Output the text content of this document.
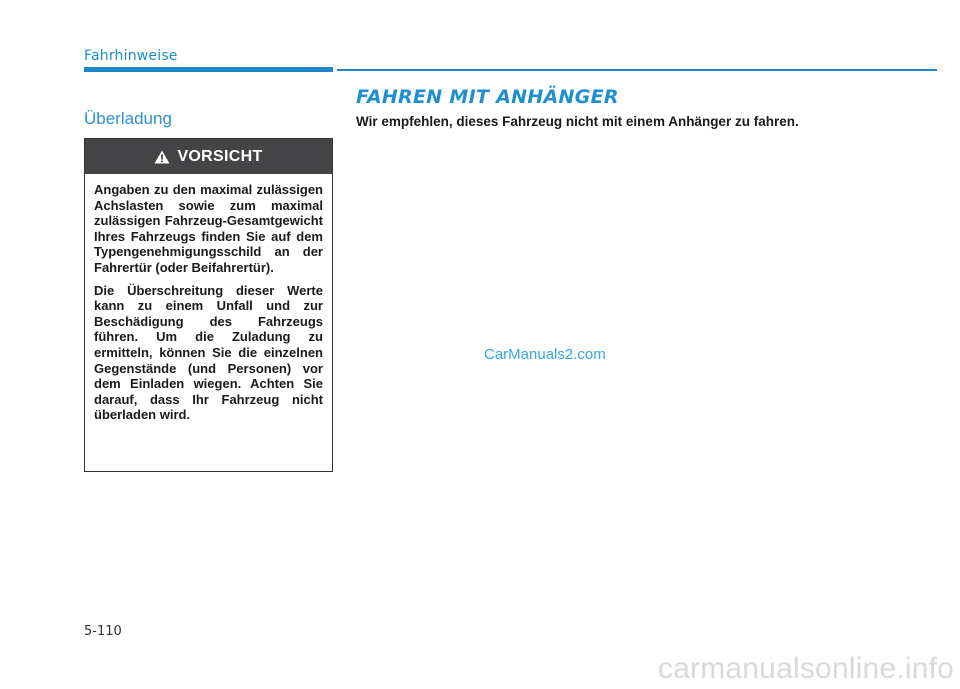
Fahrhinweise
Überladung
VORSICHT

Angaben zu den maximal zulässigen Achslasten sowie zum maximal zulässigen Fahrzeug-Gesamtgewicht Ihres Fahrzeugs finden Sie auf dem Typengenehmigungsschild an der Fahrertür (oder Beifahrertür).

Die Überschreitung dieser Werte kann zu einem Unfall und zur Beschädigung des Fahrzeugs führen. Um die Zuladung zu ermitteln, können Sie die einzelnen Gegenstände (und Personen) vor dem Einladen wiegen. Achten Sie darauf, dass Ihr Fahrzeug nicht überladen wird.

FAHREN MIT ANHÄNGER
Wir empfehlen, dieses Fahrzeug nicht mit einem Anhänger zu fahren.
CarManuals2.com
5-110
carmanualsonline.info
